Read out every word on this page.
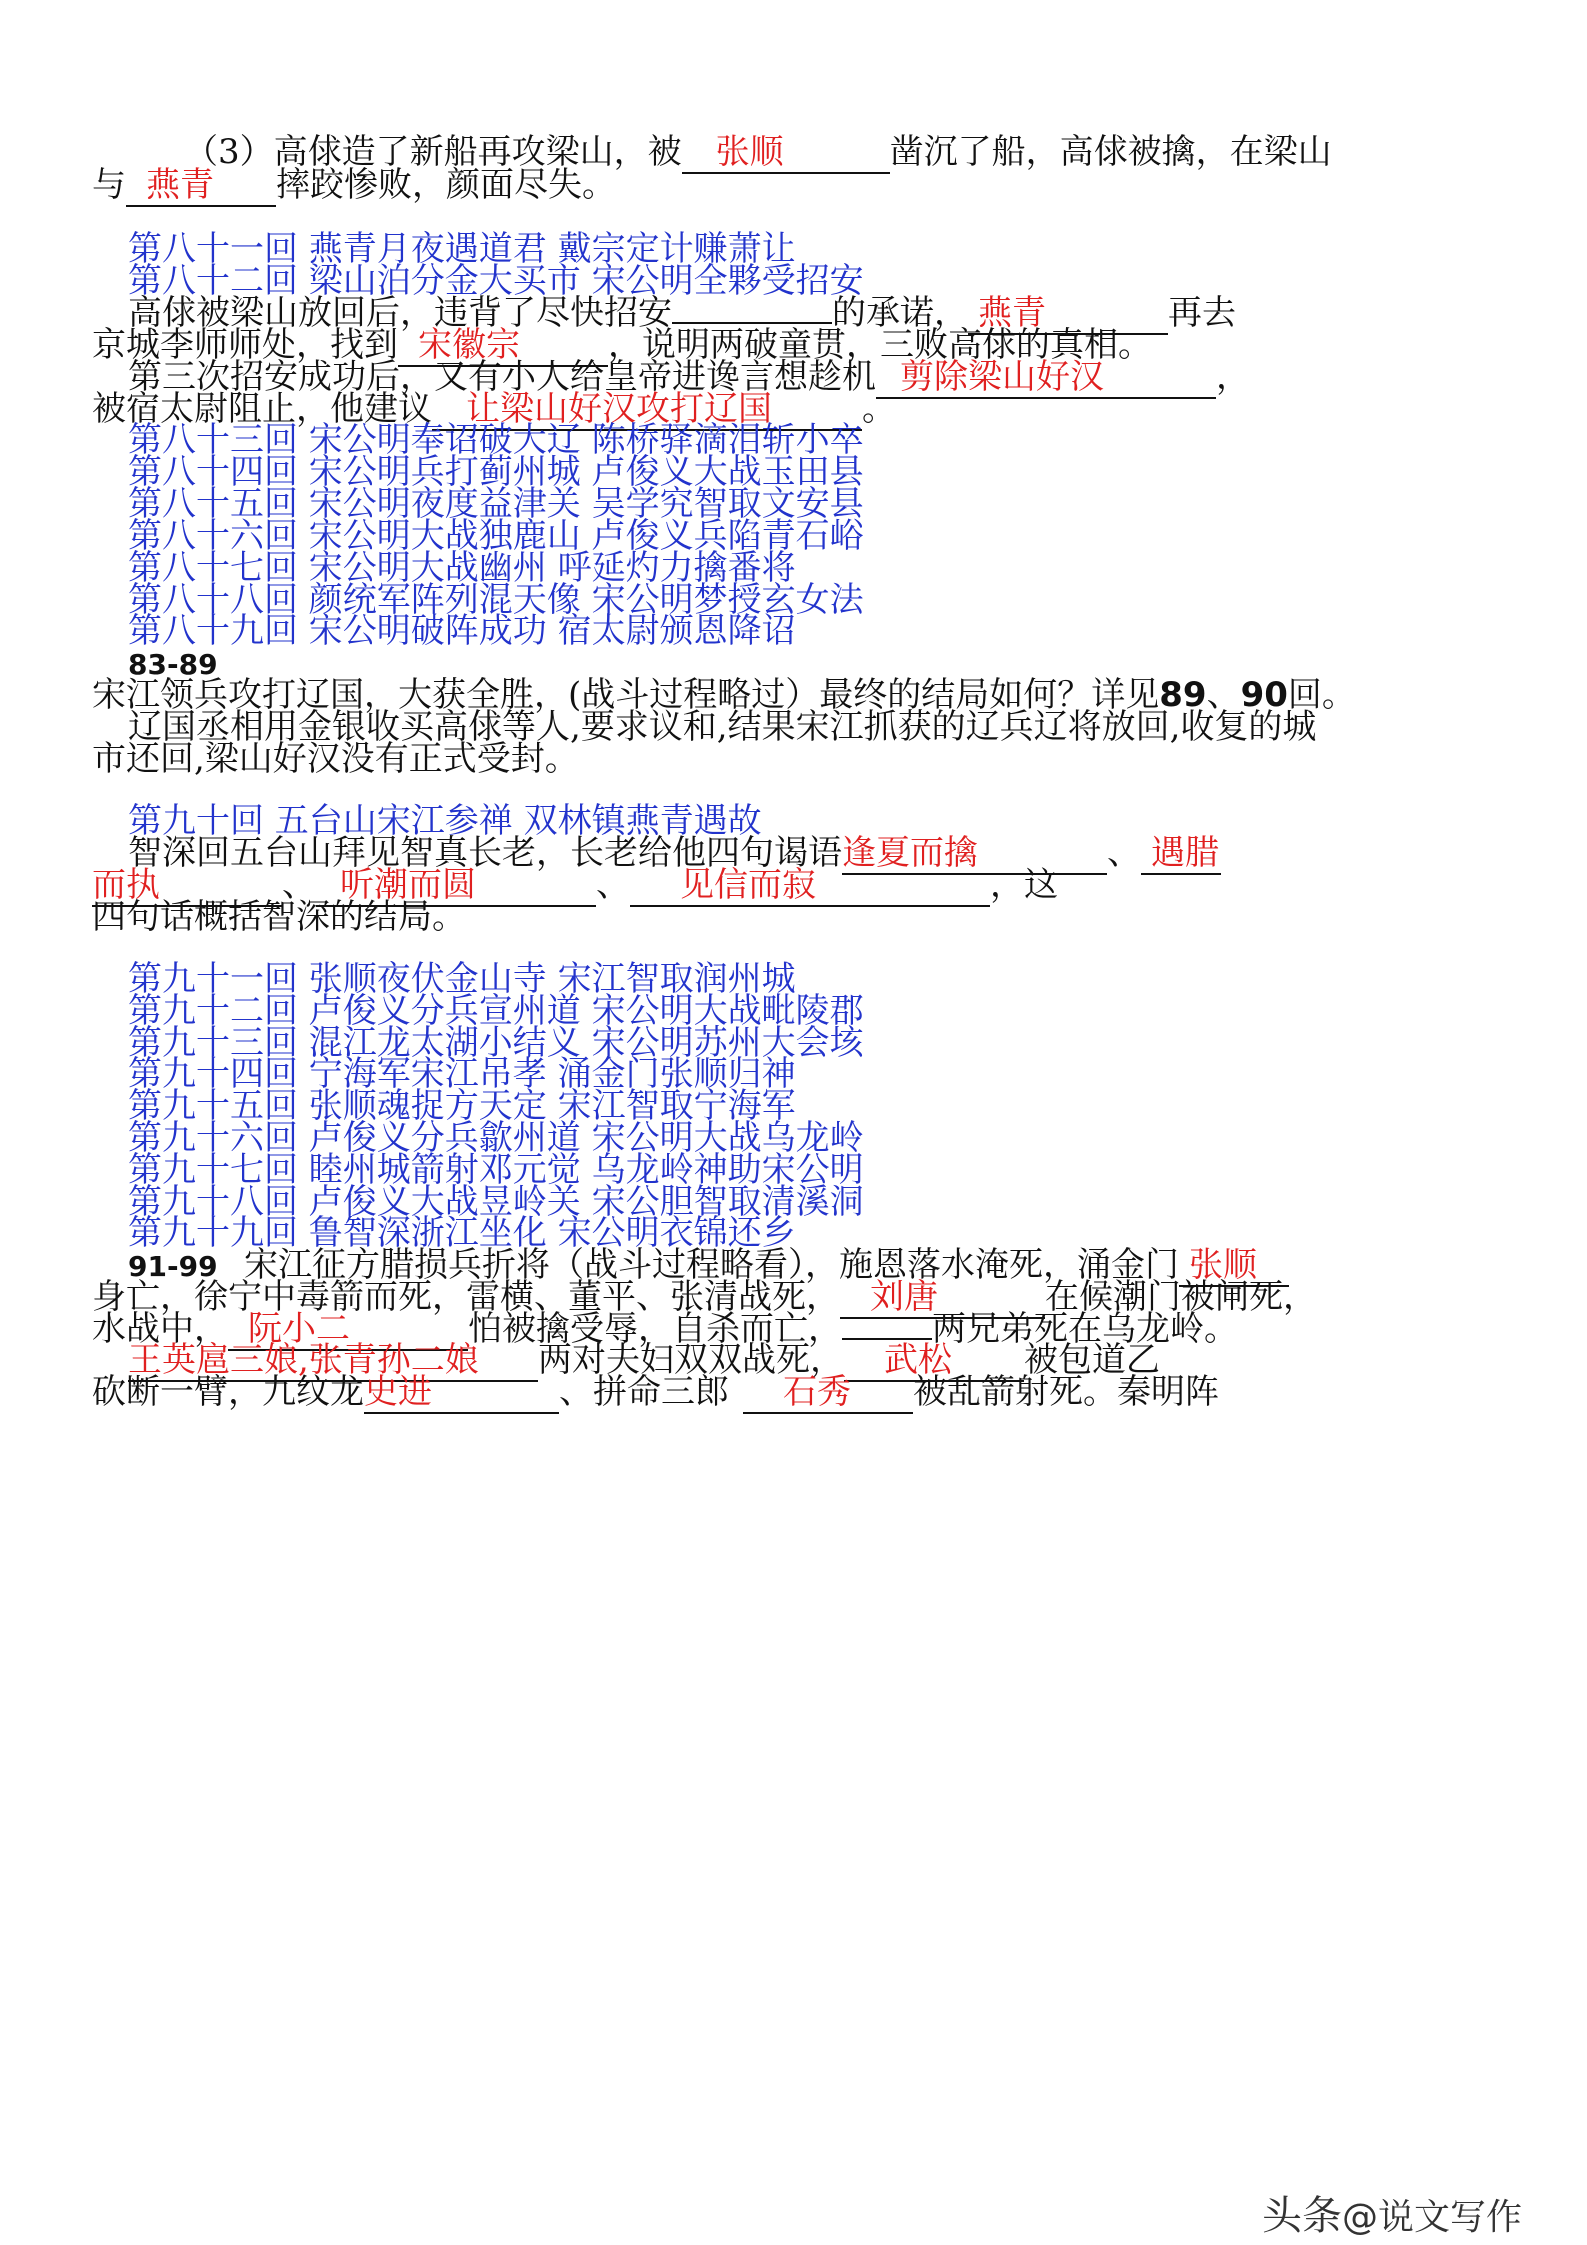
（3）高俅造了新船再攻梁山，被 张顺	凿沉了船，高俅被擒，在梁山
与 燕青 摔跤惨败，颜面尽失。
第八十一回 燕青月夜遇道君 戴宗定计赚萧让
第八十二回 梁山泊分金大买市 宋公明全夥受招安
高俅被梁山放回后，违背了尽快招安	的承诺， 燕青	再去
京城李师师处，找到 宋徽宗	，说明两破童贯，三败高俅的真相。
第三次招安成功后，又有小人给皇帝进谗言想趁机 剪除梁山好汉	，
被宿太尉阻止，他建议 让梁山好汉攻打辽国	。
第八十三回 宋公明奉诏破大辽 陈桥驿滴泪斩小卒
第八十四回 宋公明兵打蓟州城 卢俊义大战玉田县
第八十五回 宋公明夜度益津关 吴学究智取文安县
第八十六回 宋公明大战独鹿山 卢俊义兵陷青石峪
第八十七回 宋公明大战幽州 呼延灼力擒番将
第八十八回 颜统军阵列混天像 宋公明梦授玄女法
第八十九回 宋公明破阵成功 宿太尉颁恩降诏
83-89
宋江领兵攻打辽国，大获全胜，(战斗过程略过）最终的结局如何？详见89、90回。
辽国丞相用金银收买高俅等人,要求议和,结果宋江抓获的辽兵辽将放回,收复的城
市还回,梁山好汉没有正式受封。
第九十回 五台山宋江参禅 双林镇燕青遇故
智深回五台山拜见智真长老，长老给他四句谒语逢夏而擒	、 遇腊
而执	、 听潮而圆	、 见信而寂	，这
四句话概括智深的结局。
第九十一回 张顺夜伏金山寺 宋江智取润州城
第九十二回 卢俊义分兵宣州道 宋公明大战毗陵郡
第九十三回 混江龙太湖小结义 宋公明苏州大会垓
第九十四回 宁海军宋江吊孝 涌金门张顺归神
第九十五回 张顺魂捉方天定 宋江智取宁海军
第九十六回 卢俊义分兵歙州道 宋公明大战乌龙岭
第九十七回 睦州城箭射邓元觉 乌龙岭神助宋公明
第九十八回 卢俊义大战昱岭关 宋公胆智取清溪洞
第九十九回 鲁智深浙江坐化 宋公明衣锦还乡
91-99 宋江征方腊损兵折将（战斗过程略看），施恩落水淹死，涌金门 张顺
身亡，徐宁中毒箭而死，雷横、董平、张清战死， 刘唐	在候潮门被闸死，
水战中， 阮小二	怕被擒受辱，自杀而亡，	两兄弟死在乌龙岭。
王英扈三娘,张青孙二娘 两对夫妇双双战死， 武松 被包道乙
砍断一臂，九纹龙史进	、拼命三郎 石秀 被乱箭射死。秦明阵
头条@说文写作
